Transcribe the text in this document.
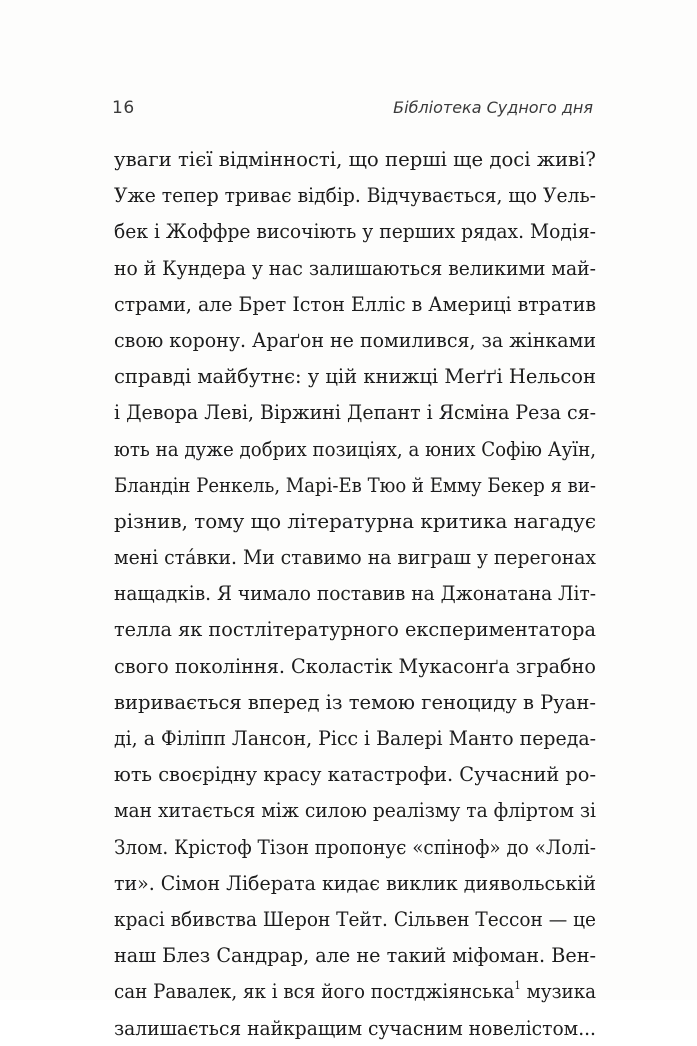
16	Бібліотека Судного дня
уваги тієї відмінності, що перші ще досі живі?
Уже тепер триває відбір. Відчувається, що Уель-
бек і Жоффре височіють у перших рядах. Модія-
но й Кундера у нас залишаються великими май-
страми, але Брет Істон Елліс в Америці втратив
свою корону. Араґон не помилився, за жінками
справді майбутнє: у цій книжці Меґґі Нельсон
і Девора Леві, Віржині Депант і Ясміна Реза ся-
ють на дуже добрих позиціях, а юних Софію Ауїн,
Бландін Ренкель, Марі-Ев Тюо й Емму Бекер я ви-
різнив, тому що літературна критика нагадує
мені стáвки. Ми ставимо на виграш у перегонах
нащадків. Я чимало поставив на Джонатана Літ-
телла як постлітературного експериментатора
свого покоління. Сколастік Мукасонґа зграбно
виривається вперед із темою геноциду в Руан-
ді, а Філіпп Лансон, Рісс і Валері Манто переда-
ють своєрідну красу катастрофи. Сучасний ро-
ман хитається між силою реалізму та фліртом зі
Злом. Крістоф Тізон пропонує «спіноф» до «Лолі-
ти». Сімон Ліберата кидає виклик диявольській
красі вбивства Шерон Тейт. Сільвен Тессон — це
наш Блез Сандрар, але не такий міфоман. Вен-
сан Равалек, як і вся його постджіянська$^1$ музика
залишається найкращим сучасним новелістом...
